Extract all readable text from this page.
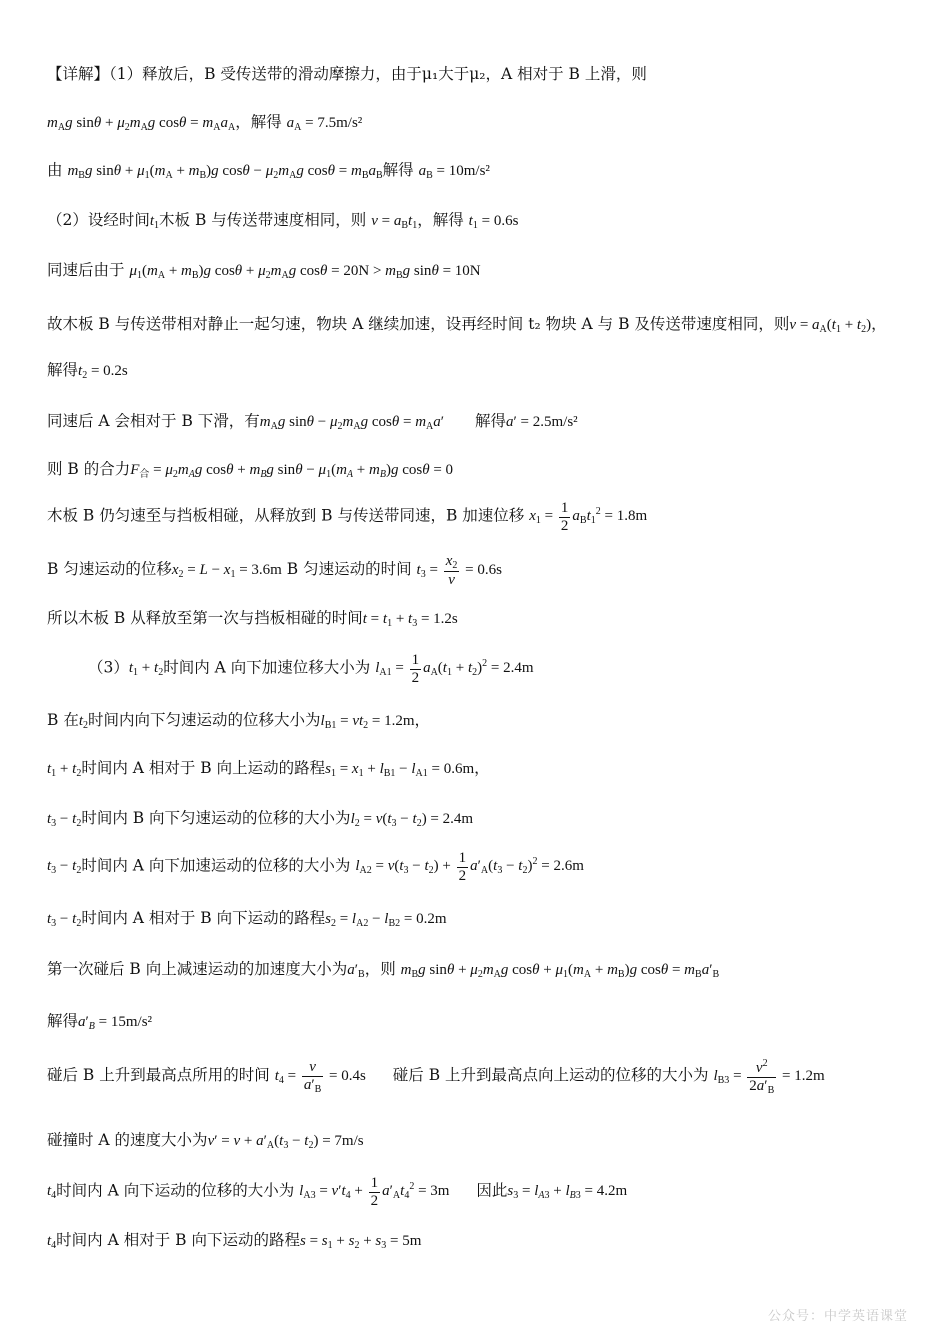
【详解】（1）释放后，B 受传送带的滑动摩擦力，由于μ₁大于μ₂，A 相对于 B 上滑，则
$m_Ag$ $\sin\theta + \mu_2m_Ag$ $\cos\theta = m_Aa_A$，解得 $a_A = 7.5m/s^2$
由 $m_Bg$ $\sin\theta + \mu_1(m_A + m_B)g$ $\cos\theta - \mu_2m_Ag$ $\cos\theta = m_Ba_B$解得 $a_B = 10m/s^2$
（2）设经时间$t_1$木板 B 与传送带速度相同，则 $v = a_Bt_1$，解得 $t_1 = 0.6s$
同速后由于 $\mu_1(m_A + m_B)g$ $\cos\theta + \mu_2m_Ag$ $\cos\theta = 20N > m_Bg$ sinθ = 10N
故木板 B 与传送带相对静止一起匀速，物块 A 继续加速，设再经时间 t₂ 物块 A 与 B 及传送带速度相同，则$v = a_A(t_1 + t_2)$，
解得$t_2 = 0.2s$
同速后 A 会相对于 B 下滑，有$m_Ag$ $\sin\theta - \mu_2m_Ag$ $\cos\theta = m_Aa'$ 解得a′ = 2.5m/s²
则 B 的合力$F_合 = \mu_2m_Ag$ $\cos\theta + m_Bg$ $\sin\theta - \mu_1(m_A + m_B)g$ cosθ = 0
木板 B 仍匀速至与挡板相碰，从释放到 B 与传送带同速，B 加速位移 $x_1 = \frac{1}{2} a_Bt_1^2 = 1.8m$
B 匀速运动的位移$x_2 = L - x_1 = 3.6m$ B 匀速运动的时间 $t_3 = \frac{x_2}{v} = 0.6s$
所以木板 B 从释放至第一次与挡板相碰的时间$t = t_1 + t_3 = 1.2s$
$(3)t_1 + t_2$时间内 A 向下加速位移大小为 $l_{A1} = \frac{1}{2} a_A(t_1 + t_2)^2 = 2.4m$
B 在$t_2$时间内向下匀速运动的位移大小为$l_{B1} = vt_2 = 1.2m$，
$t_1 + t_2$时间内 A 相对于 B 向上运动的路程$s_1 = x_1 + l_{B1} - l_{A1} = 0.6m$，
$t_3 - t_2$时间内 B 向下匀速运动的位移的大小为$l_2 = v(t_3 - t_2) = 2.4m$
$t_3 - t_2$时间内 A 向下加速运动的位移的大小为 $l_{A2} = v(t_3 - t_2) + \frac{1}{2} a'_A(t_3 - t_2)^2 = 2.6m$
$t_3 - t_2$时间内 A 相对于 B 向下运动的路程$s_2 = l_{A2} - l_{B2} = 0.2m$
第一次碰后 B 向上减速运动的加速度大小为$a'_B$，则 $m_Bg$ $\sin\theta + \mu_2m_Ag$ $\cos\theta + \mu_1(m_A + m_B)g$ $\cos\theta = m_Ba'_B$
解得$a'_B = 15m/s^2$
碰后 B 上升到最高点所用的时间 $t_4 = \frac{v}{a'_B} = 0.4s$ 碰后 B 上升到最高点向上运动的位移的大小为 $l_{B3} = \frac{v^2}{2a'_B} = 1.2m$
碰撞时 A 的速度大小为$v' = v + a'_A(t_3 - t_2) = 7m/s$
$t_4$时间内 A 向下运动的位移的大小为 $l_{A3} = v't_4 + \frac{1}{2} a'_At_4^2 = 3m$ 因此$s_3 = l_{A3} + l_{B3} = 4.2m$
$t_4$时间内 A 相对于 B 向下运动的路程$s = s_1 + s_2 + s_3 = 5m$
公众号：中学英语课堂
